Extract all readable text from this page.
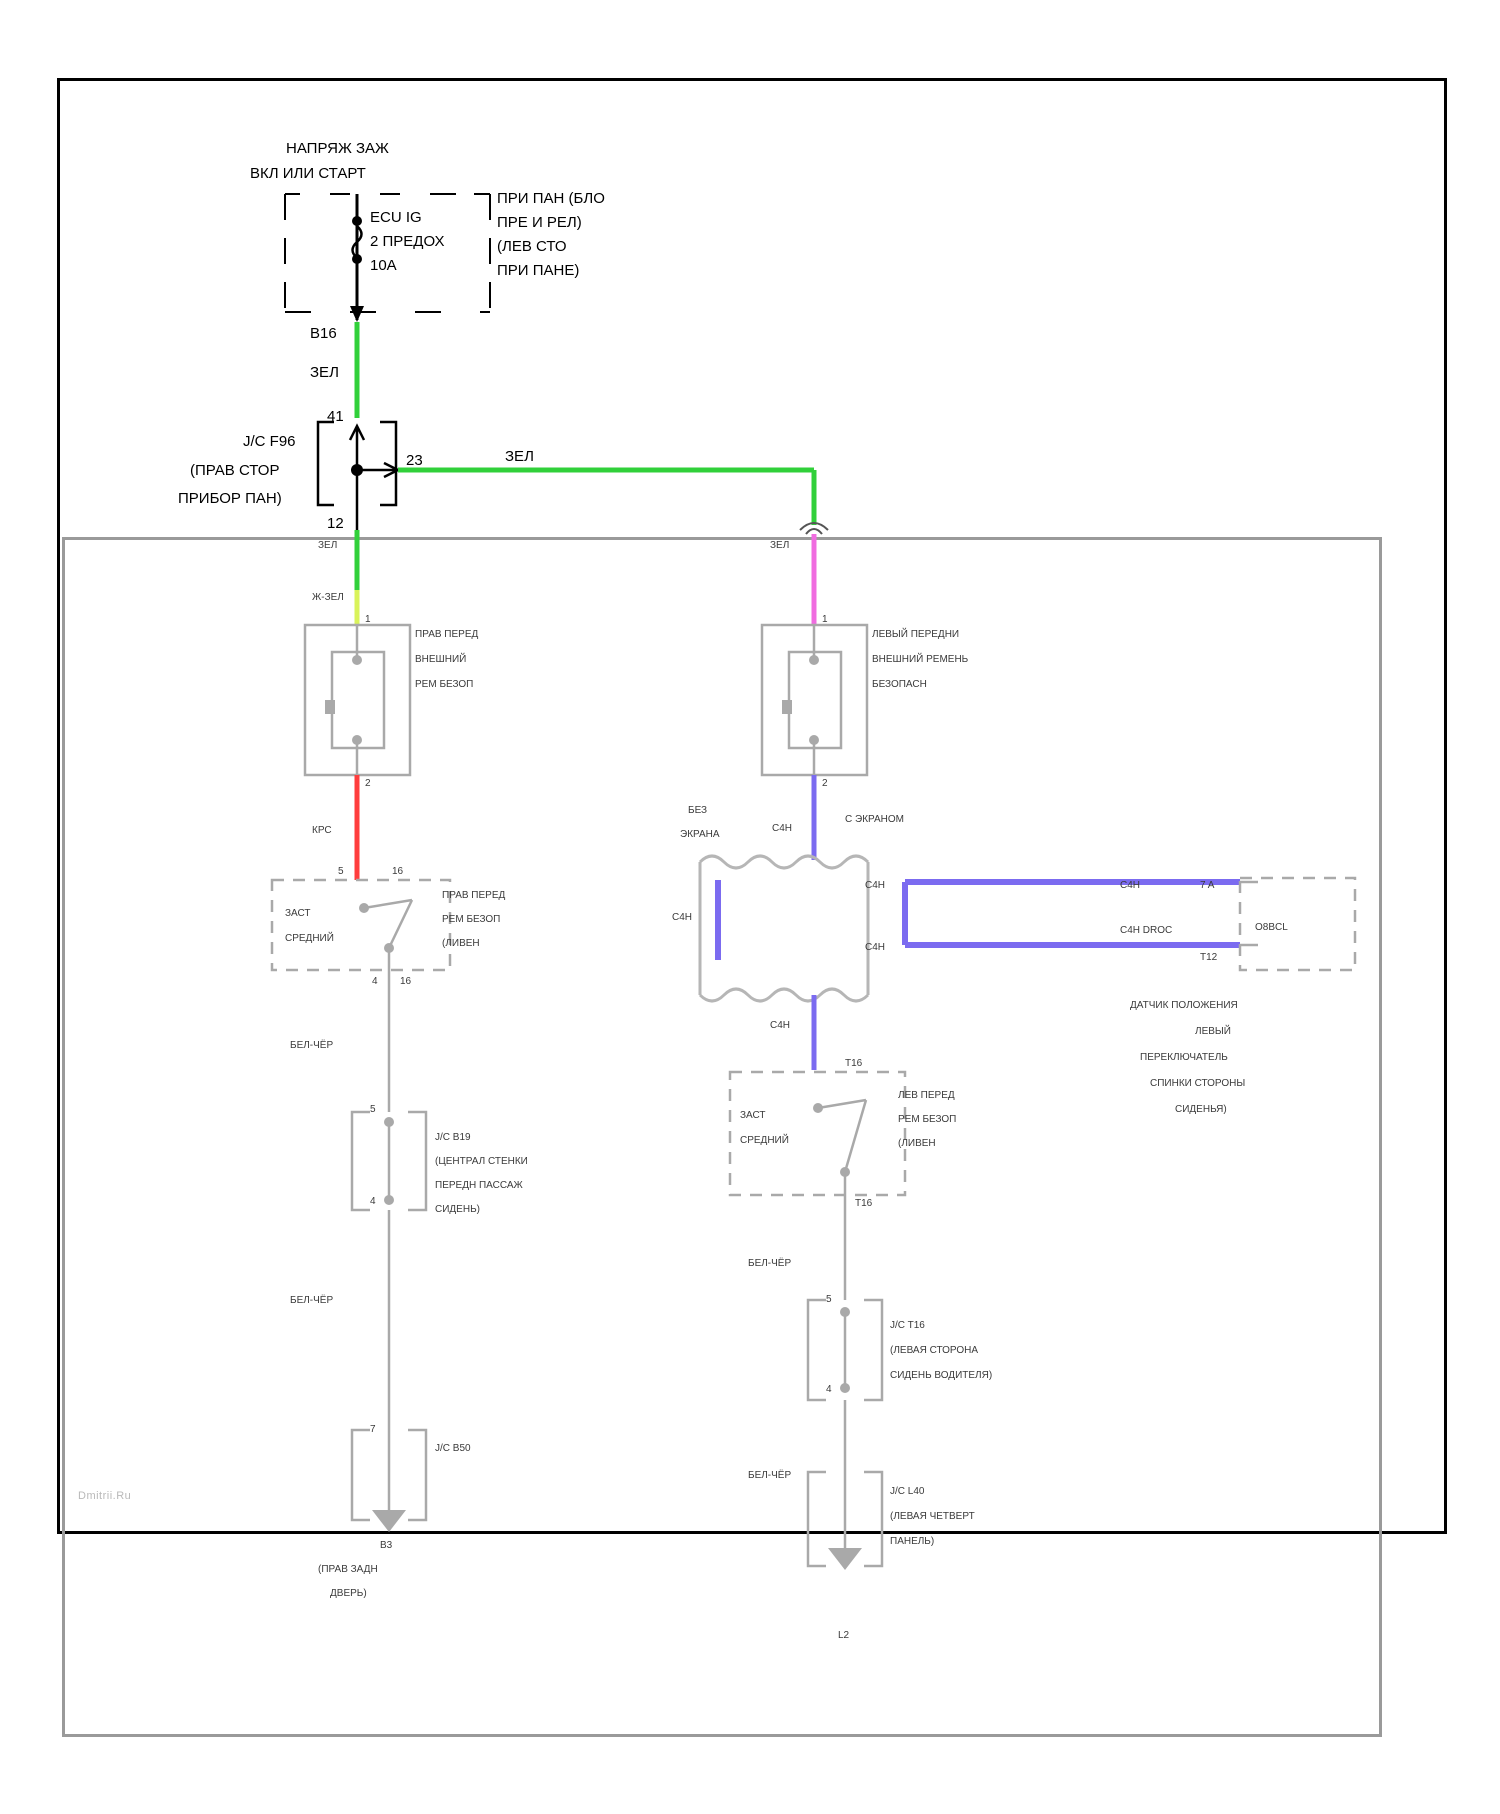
НАПРЯЖ ЗАЖ
ВКЛ ИЛИ СТАРТ
ECU IG
2 ПРЕДОХ
10A
ПРИ ПАН (БЛО
ПРЕ И РЕЛ)
(ЛЕВ СТО
ПРИ ПАНЕ)
B16
ЗЕЛ
41
23
12
J/C F96
(ПРАВ СТОР
ПРИБОР ПАН)
ЗЕЛ
ЗЕЛ
Ж-ЗЕЛ
1
ПРАВ ПЕРЕД
ВНЕШНИЙ
РЕМ БЕЗОП
2
КРС
5	16
ЗАСТ
СРЕДНИЙ
ПРАВ ПЕРЕД
РЕМ БЕЗОП
(ЛИВЕН
4 16
БЕЛ-ЧЁР
5
4
J/C B19
(ЦЕНТРАЛ СТЕНКИ
ПЕРЕДН ПАССАЖ
СИДЕНЬ)
БЕЛ-ЧЁР
7
J/C B50
B3
(ПРАВ ЗАДН
ДВЕРЬ)
ЗЕЛ
1
ЛЕВЫЙ ПЕРЕДНИ
ВНЕШНИЙ РЕМЕНЬ
БЕЗОПАСН
2
БЕЗ
ЭКРАНА
C4H
С ЭКРАНОМ
C4H
C4H
C4H
C4H	7 A
C4H DROC
T12
O8BCL
ДАТЧИК ПОЛОЖЕНИЯ
ЛЕВЫЙ
ПЕРЕКЛЮЧАТЕЛЬ
СПИНКИ СТОРОНЫ
СИДЕНЬЯ)
C4H
T16
ЗАСТ
СРЕДНИЙ
ЛЕВ ПЕРЕД
РЕМ БЕЗОП
(ЛИВЕН
T16
БЕЛ-ЧЁР
5
4
J/C T16
(ЛЕВАЯ СТОРОНА
СИДЕНЬ ВОДИТЕЛЯ)
БЕЛ-ЧЁР
J/C L40
(ЛЕВАЯ ЧЕТВЕРТ
ПАНЕЛЬ)
L2
Dmitrii.Ru
